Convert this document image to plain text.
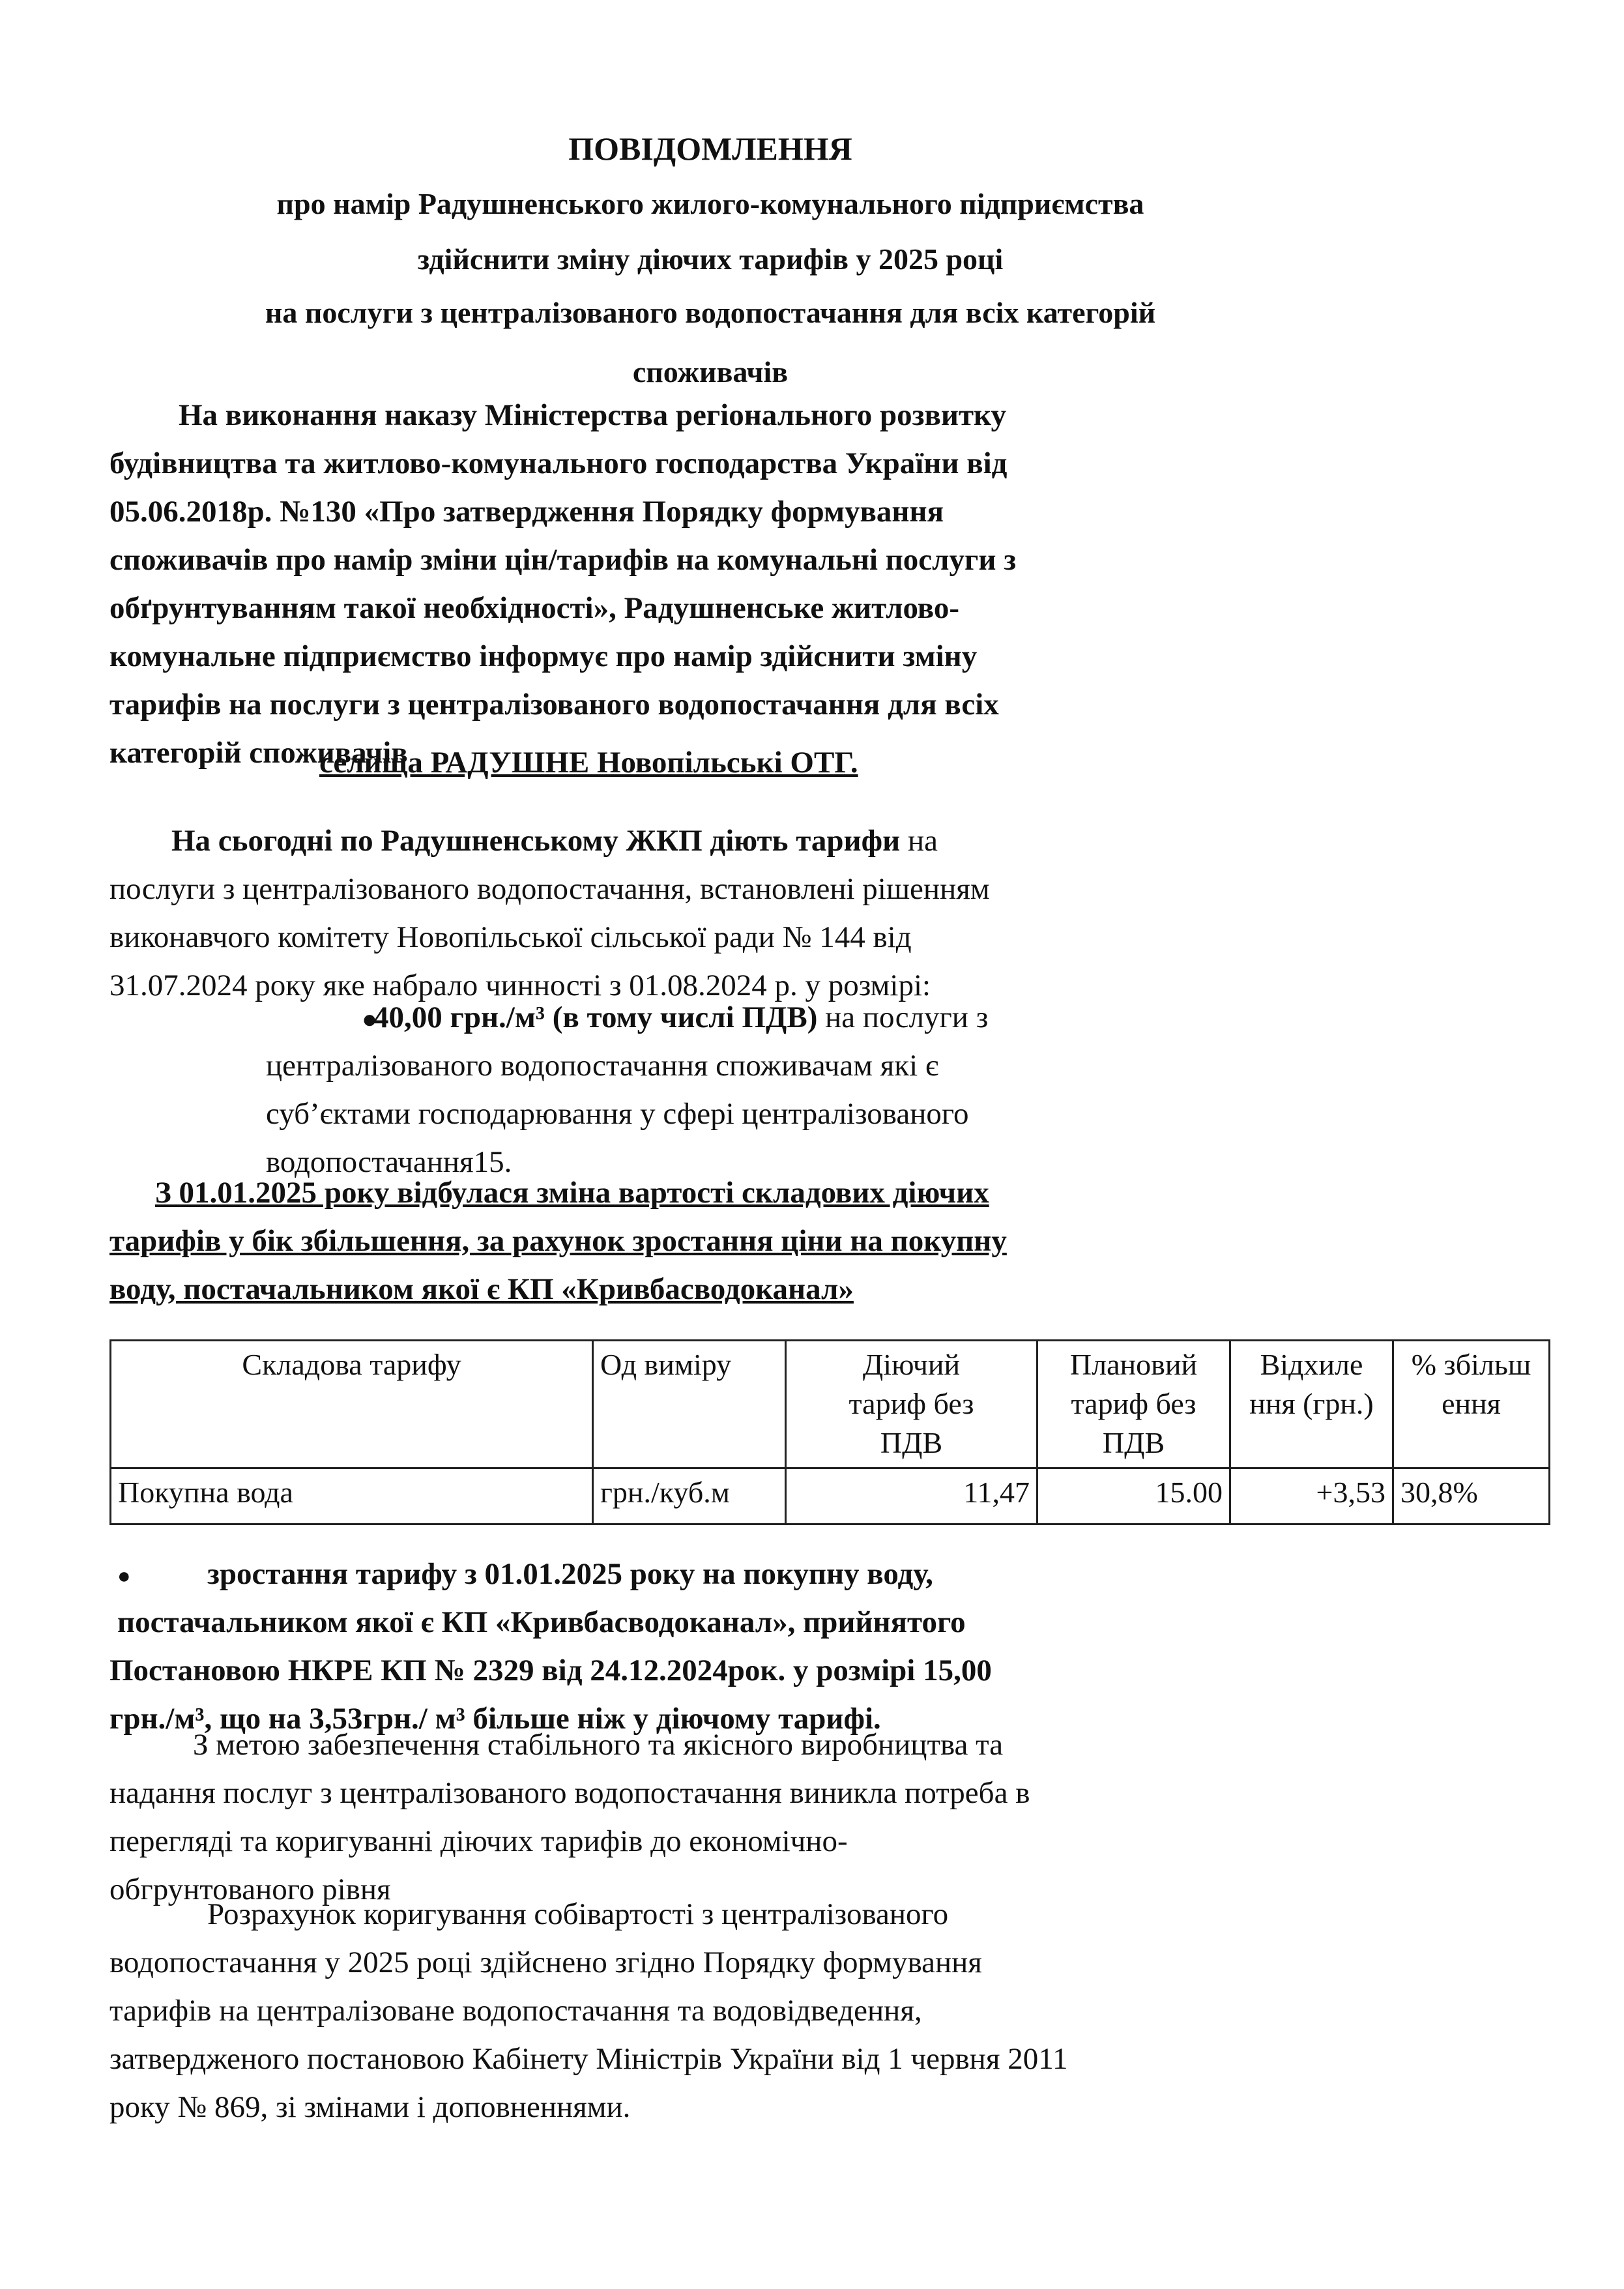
ПОВІДОМЛЕННЯ
про намір Радушненського жилого-комунального підприємства
здійснити зміну діючих тарифів у 2025 році
на послуги з централізованого водопостачання для всіх категорій
споживачів
На виконання наказу Міністерства регіонального розвитку
будівництва та житлово-комунального господарства України від
05.06.2018р. №130 «Про затвердження Порядку формування
споживачів про намір зміни цін/тарифів на комунальні послуги з
обґрунтуванням такої необхідності», Радушненське житлово-
комунальне підприємство інформує про намір здійснити зміну
тарифів на послуги з централізованого водопостачання для всіх
категорій споживачів
селища РАДУШНЕ Новопільські ОТГ.
На сьогодні по Радушненському ЖКП діють тарифи на
послуги з централізованого водопостачання, встановлені рішенням
виконавчого комітету Новопільської сільської ради № 144 від
31.07.2024 року яке набрало чинності з 01.08.2024 р. у розмірі:
●
40,00 грн./м³ (в тому числі ПДВ) на послуги з
централізованого водопостачання споживачам які є
суб’єктами господарювання у сфері централізованого
водопостачання15.
З 01.01.2025 року відбулася зміна вартості складових діючих
тарифів у бік збільшення, за рахунок зростання ціни на покупну
воду, постачальником якої є КП «Кривбасводоканал»
Складова тарифу	Од виміру	Діючий тариф без ПДВ	Плановий тариф без ПДВ	Відхиле ння (грн.)	% збільш ення
Покупна вода	грн./куб.м	11,47	15.00	+3,53	30,8%
●	зростання тарифу з 01.01.2025 року на покупну воду,
постачальником якої є КП «Кривбасводоканал», прийнятого
Постановою НКРЕ КП № 2329 від 24.12.2024рок. у розмірі 15,00
грн./м³, що на 3,53грн./ м³ більше ніж у діючому тарифі.
З метою забезпечення стабільного та якісного виробництва та
надання послуг з централізованого водопостачання виникла потреба в
перегляді та коригуванні діючих тарифів до економічно-
обгрунтованого рівня
Розрахунок коригування собівартості з централізованого
водопостачання у 2025 році здійснено згідно Порядку формування
тарифів на централізоване водопостачання та водовідведення,
затвердженого постановою Кабінету Міністрів України від 1 червня 2011
року № 869, зі змінами і доповненнями.
